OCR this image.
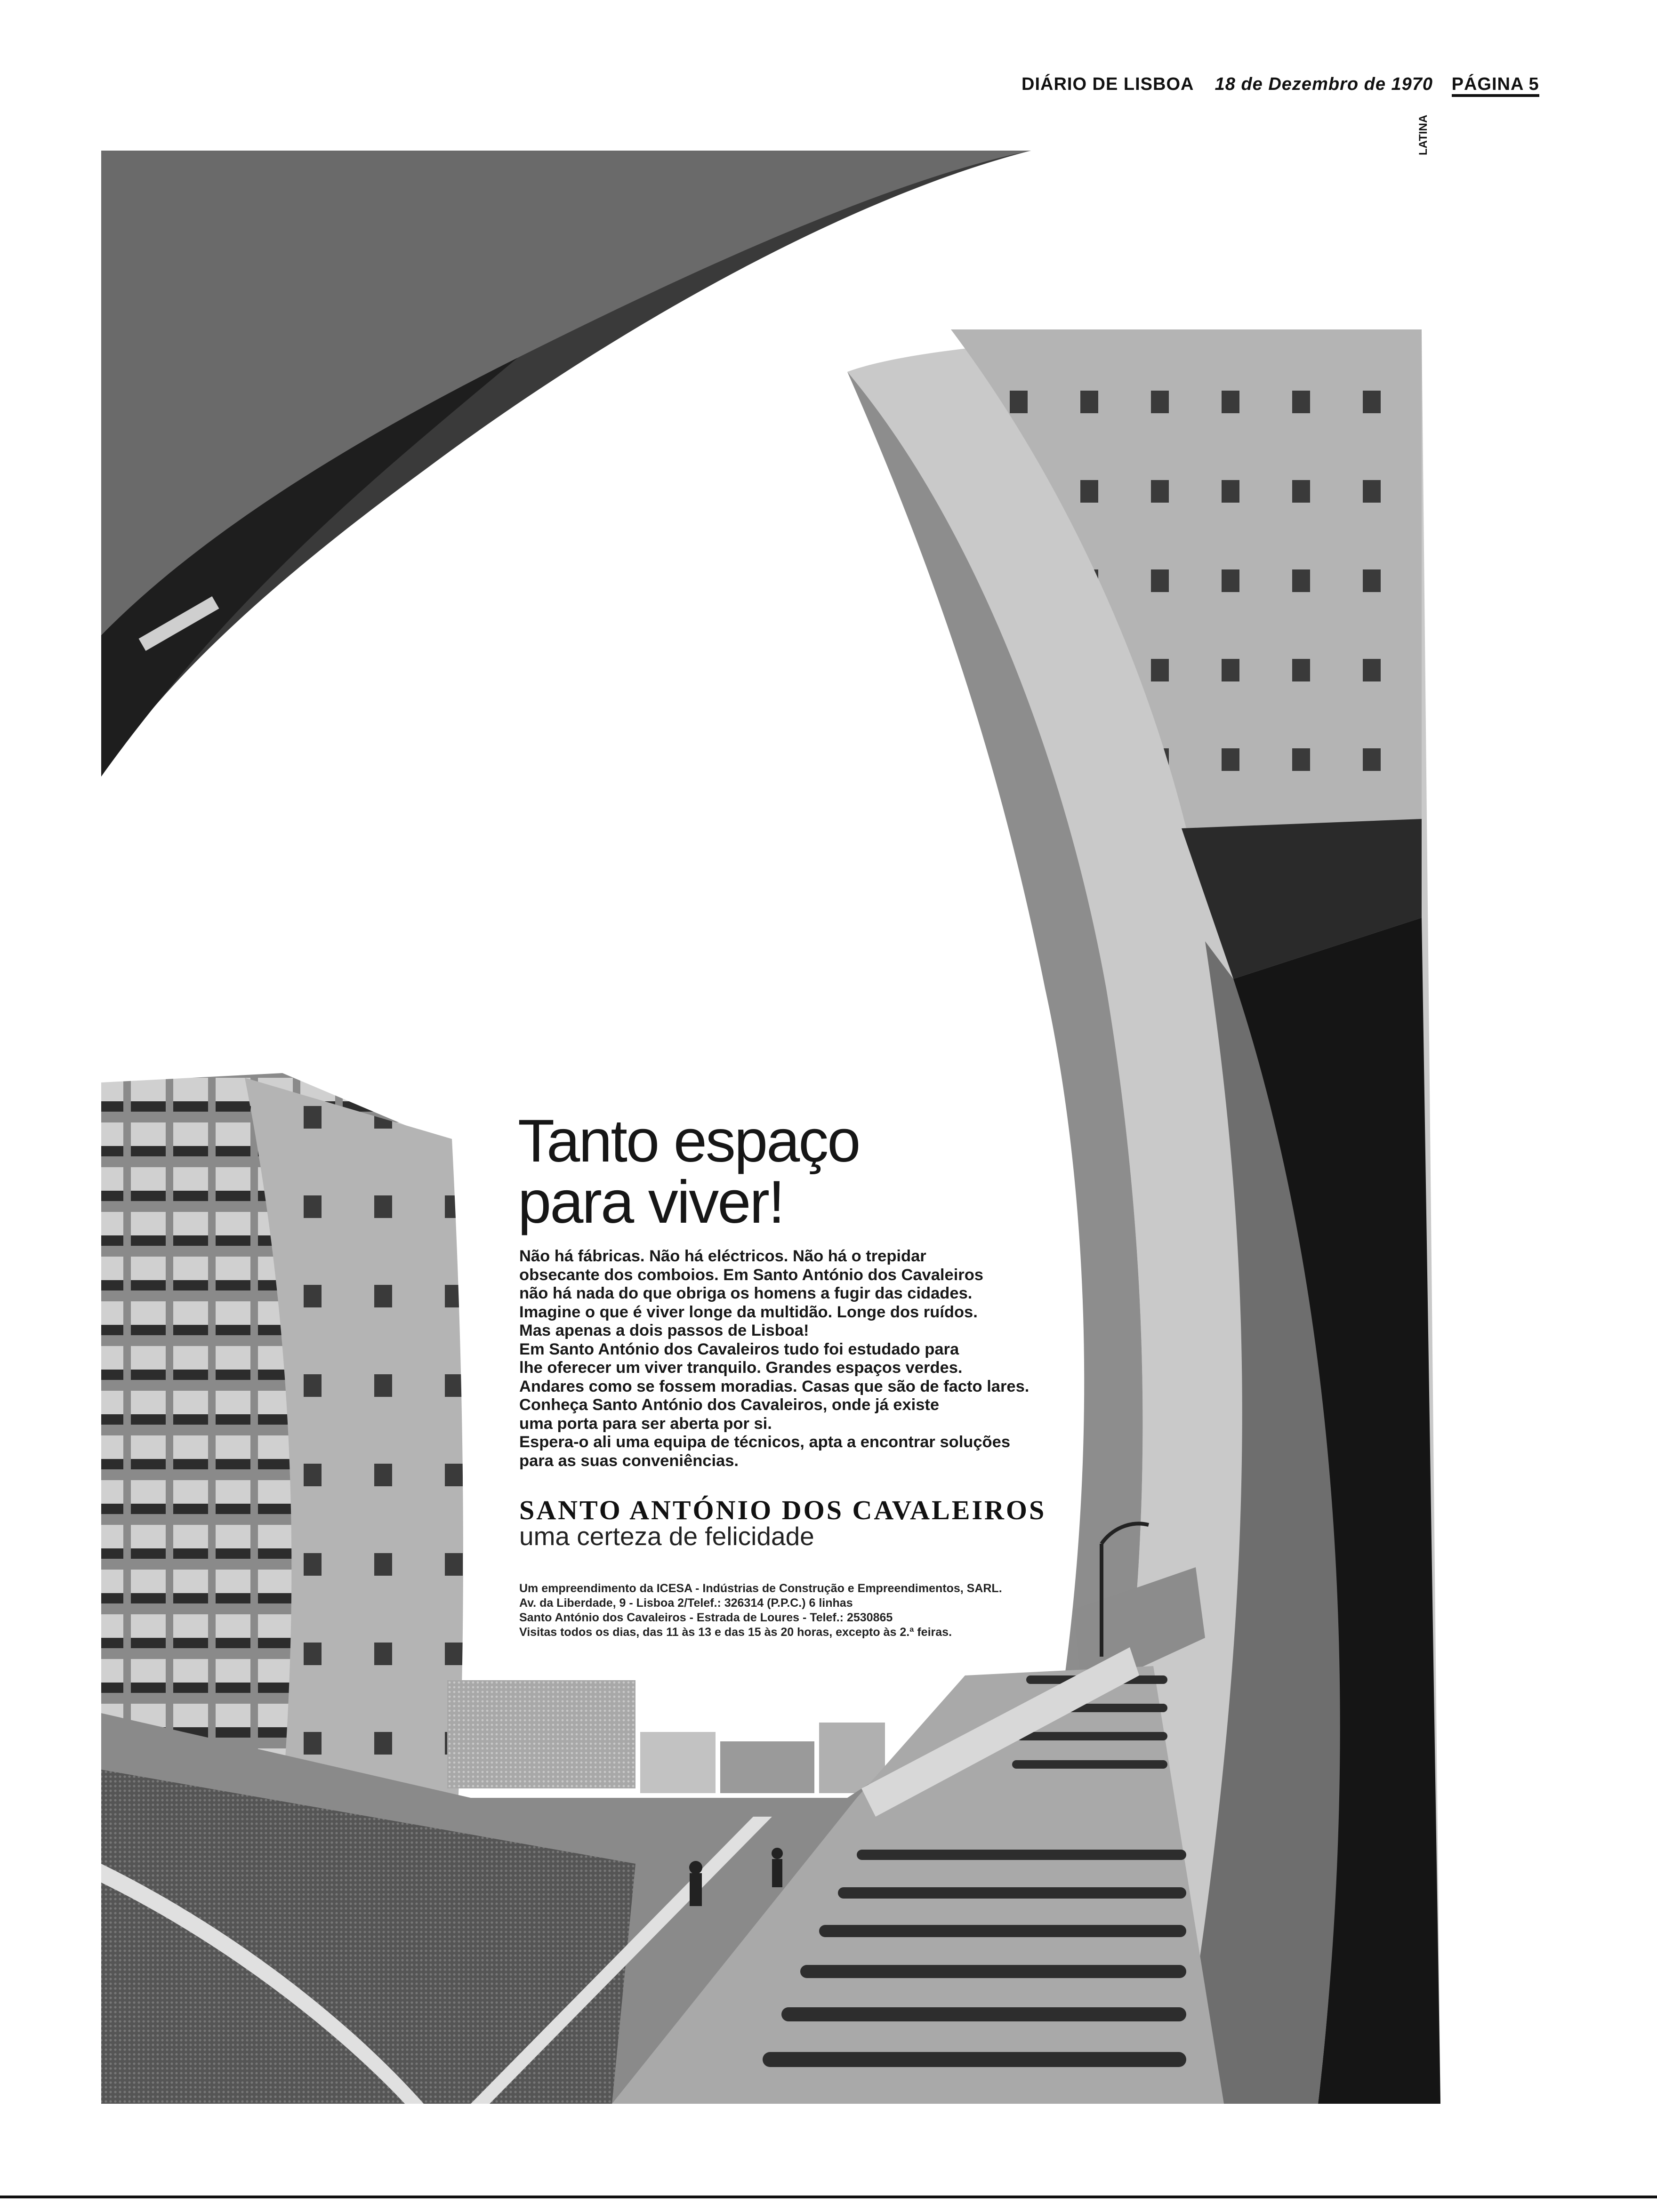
DIÁRIO DE LISBOA 18 de Dezembro de 1970 PÁGINA 5
LATINA
Tanto espaço
para viver!

Não há fábricas. Não há eléctricos. Não há o trepidar

obsecante dos comboios. Em Santo António dos Cavaleiros

não há nada do que obriga os homens a fugir das cidades.

Imagine o que é viver longe da multidão. Longe dos ruídos.

Mas apenas a dois passos de Lisboa!

Em Santo António dos Cavaleiros tudo foi estudado para

lhe oferecer um viver tranquilo. Grandes espaços verdes.

Andares como se fossem moradias. Casas que são de facto lares.

Conheça Santo António dos Cavaleiros, onde já existe

uma porta para ser aberta por si.

Espera-o ali uma equipa de técnicos, apta a encontrar soluções

para as suas conveniências.

SANTO ANTÓNIO DOS CAVALEIROS
uma certeza de felicidade

Um empreendimento da ICESA - Indústrias de Construção e Empreendimentos, SARL.

Av. da Liberdade, 9 - Lisboa 2/Telef.: 326314 (P.P.C.) 6 linhas

Santo António dos Cavaleiros - Estrada de Loures - Telef.: 2530865

Visitas todos os dias, das 11 às 13 e das 15 às 20 horas, excepto às 2.ª feiras.
